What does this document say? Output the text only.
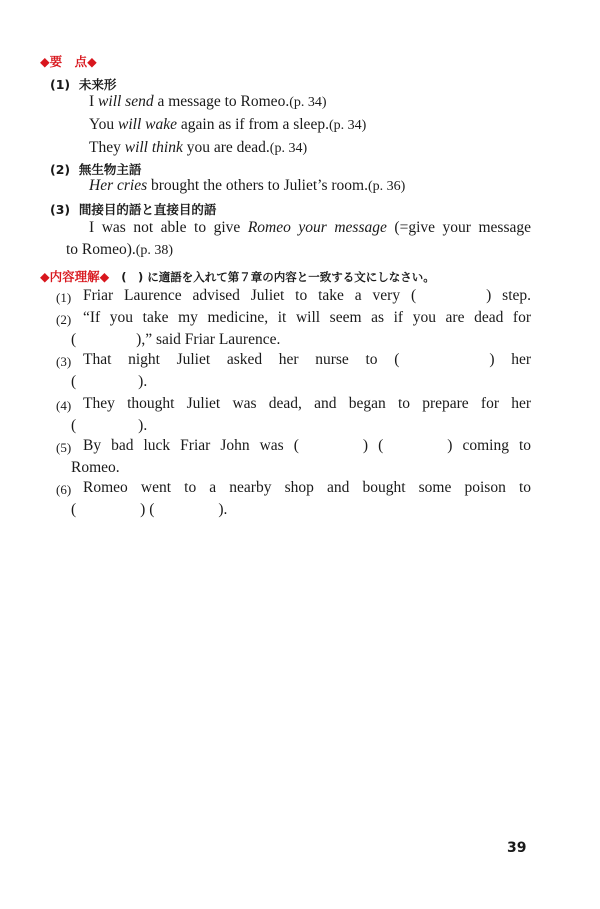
◆要　点◆
(1) 未来形
I will send a message to Romeo.(p. 34)
You will wake again as if from a sleep.(p. 34)
They will think you are dead.(p. 34)
(2) 無生物主語
Her cries brought the others to Juliet’s room.(p. 36)
(3) 間接目的語と直接目的語
I was not able to give Romeo your message (=give your message
to Romeo).(p. 38)
◆内容理解◆ (　) に適語を入れて第７章の内容と一致する文にしなさい。
(1) Friar Laurence advised Juliet to take a very (	) step.
(2) “If you take my medicine, it will seem as if you are dead for
(	),” said Friar Laurence.
(3) That night Juliet asked her nurse to (	) her
(	).
(4) They thought Juliet was dead, and began to prepare for her
(	).
(5) By bad luck Friar John was (	) (	) coming to
Romeo.
(6) Romeo went to a nearby shop and bought some poison to
(	) (	).
39
